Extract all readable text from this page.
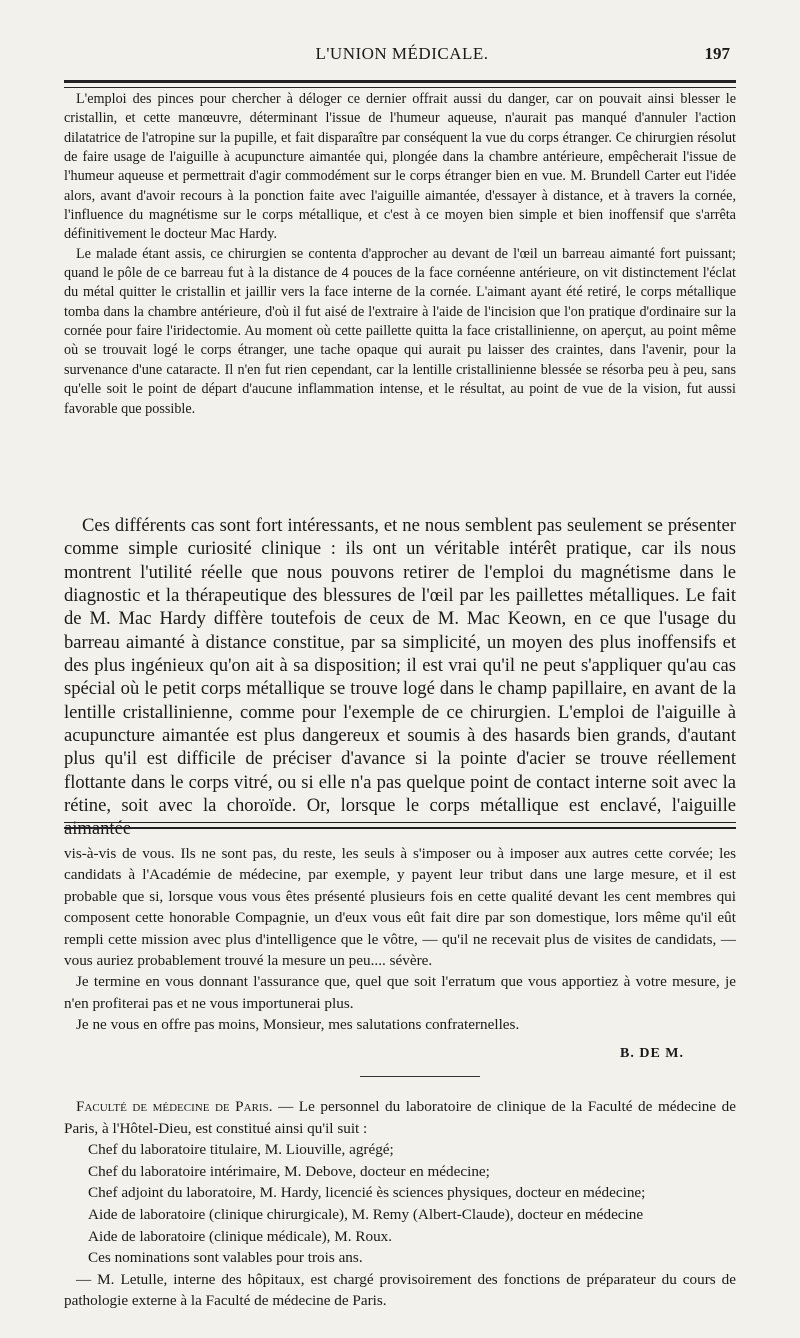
L'UNION MÉDICALE.	197

L'emploi des pinces pour chercher à déloger ce dernier offrait aussi du danger, car on pouvait ainsi blesser le cristallin, et cette manœuvre, déterminant l'issue de l'humeur aqueuse, n'aurait pas manqué d'annuler l'action dilatatrice de l'atropine sur la pupille, et fait disparaître par conséquent la vue du corps étranger. Ce chirurgien résolut de faire usage de l'aiguille à acupuncture aimantée qui, plongée dans la chambre antérieure, empêcherait l'issue de l'humeur aqueuse et permettrait d'agir commodément sur le corps étranger bien en vue. M. Brundell Carter eut l'idée alors, avant d'avoir recours à la ponction faite avec l'aiguille aimantée, d'essayer à distance, et à travers la cornée, l'influence du magnétisme sur le corps métallique, et c'est à ce moyen bien simple et bien inoffensif que s'arrêta définitivement le docteur Mac Hardy.

Le malade étant assis, ce chirurgien se contenta d'approcher au devant de l'œil un barreau aimanté fort puissant; quand le pôle de ce barreau fut à la distance de 4 pouces de la face cornéenne antérieure, on vit distinctement l'éclat du métal quitter le cristallin et jaillir vers la face interne de la cornée. L'aimant ayant été retiré, le corps métallique tomba dans la chambre antérieure, d'où il fut aisé de l'extraire à l'aide de l'incision que l'on pratique d'ordinaire sur la cornée pour faire l'iridectomie. Au moment où cette paillette quitta la face cristallinienne, on aperçut, au point même où se trouvait logé le corps étranger, une tache opaque qui aurait pu laisser des craintes, dans l'avenir, pour la survenance d'une cataracte. Il n'en fut rien cependant, car la lentille cristallinienne blessée se résorba peu à peu, sans qu'elle soit le point de départ d'aucune inflammation intense, et le résultat, au point de vue de la vision, fut aussi favorable que possible.

Ces différents cas sont fort intéressants, et ne nous semblent pas seulement se présenter comme simple curiosité clinique : ils ont un véritable intérêt pratique, car ils nous montrent l'utilité réelle que nous pouvons retirer de l'emploi du magnétisme dans le diagnostic et la thérapeutique des blessures de l'œil par les paillettes métalliques. Le fait de M. Mac Hardy diffère toutefois de ceux de M. Mac Keown, en ce que l'usage du barreau aimanté à distance constitue, par sa simplicité, un moyen des plus inoffensifs et des plus ingénieux qu'on ait à sa disposition; il est vrai qu'il ne peut s'appliquer qu'au cas spécial où le petit corps métallique se trouve logé dans le champ papillaire, en avant de la lentille cristallinienne, comme pour l'exemple de ce chirurgien. L'emploi de l'aiguille à acupuncture aimantée est plus dangereux et soumis à des hasards bien grands, d'autant plus qu'il est difficile de préciser d'avance si la pointe d'acier se trouve réellement flottante dans le corps vitré, ou si elle n'a pas quelque point de contact interne soit avec la rétine, soit avec la choroïde. Or, lorsque le corps métallique est enclavé, l'aiguille aimantée

vis-à-vis de vous. Ils ne sont pas, du reste, les seuls à s'imposer ou à imposer aux autres cette corvée; les candidats à l'Académie de médecine, par exemple, y payent leur tribut dans une large mesure, et il est probable que si, lorsque vous vous êtes présenté plusieurs fois en cette qualité devant les cent membres qui composent cette honorable Compagnie, un d'eux vous eût fait dire par son domestique, lors même qu'il eût rempli cette mission avec plus d'intelligence que le vôtre, — qu'il ne recevait plus de visites de candidats, — vous auriez probablement trouvé la mesure un peu.... sévère.

Je termine en vous donnant l'assurance que, quel que soit l'erratum que vous apportiez à votre mesure, je n'en profiterai pas et ne vous importunerai plus.

Je ne vous en offre pas moins, Monsieur, mes salutations confraternelles.

B. DE M.

Faculté de médecine de Paris. — Le personnel du laboratoire de clinique de la Faculté de médecine de Paris, à l'Hôtel-Dieu, est constitué ainsi qu'il suit :

Chef du laboratoire titulaire, M. Liouville, agrégé;

Chef du laboratoire intérimaire, M. Debove, docteur en médecine;

Chef adjoint du laboratoire, M. Hardy, licencié ès sciences physiques, docteur en médecine;

Aide de laboratoire (clinique chirurgicale), M. Remy (Albert-Claude), docteur en médecine

Aide de laboratoire (clinique médicale), M. Roux.

Ces nominations sont valables pour trois ans.

— M. Letulle, interne des hôpitaux, est chargé provisoirement des fonctions de préparateur du cours de pathologie externe à la Faculté de médecine de Paris.
